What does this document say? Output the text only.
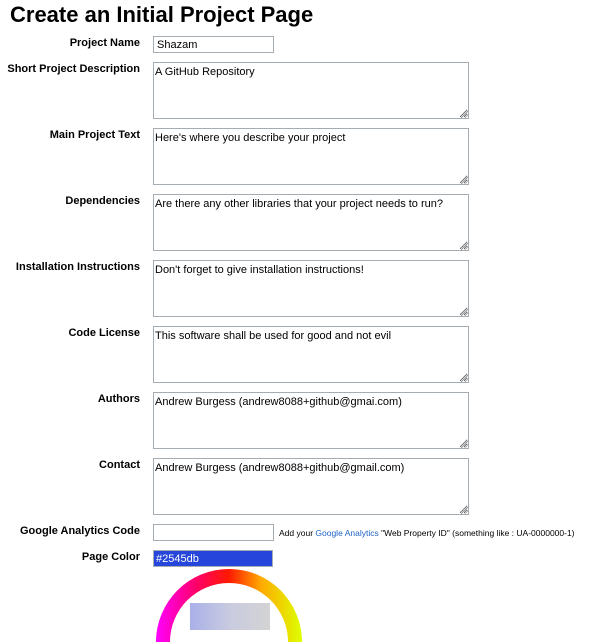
Create an Initial Project Page
Project Name
Shazam
Short Project Description
A GitHub Repository
Main Project Text
Here's where you describe your project
Dependencies
Are there any other libraries that your project needs to run?
Installation Instructions
Don't forget to give installation instructions!
Code License
This software shall be used for good and not evil
Authors
Andrew Burgess (andrew8088+github@gmai.com)
Contact
Andrew Burgess (andrew8088+github@gmail.com)
Google Analytics Code	Add your Google Analytics "Web Property ID" (something like : UA-0000000-1)
Page Color
#2545db
